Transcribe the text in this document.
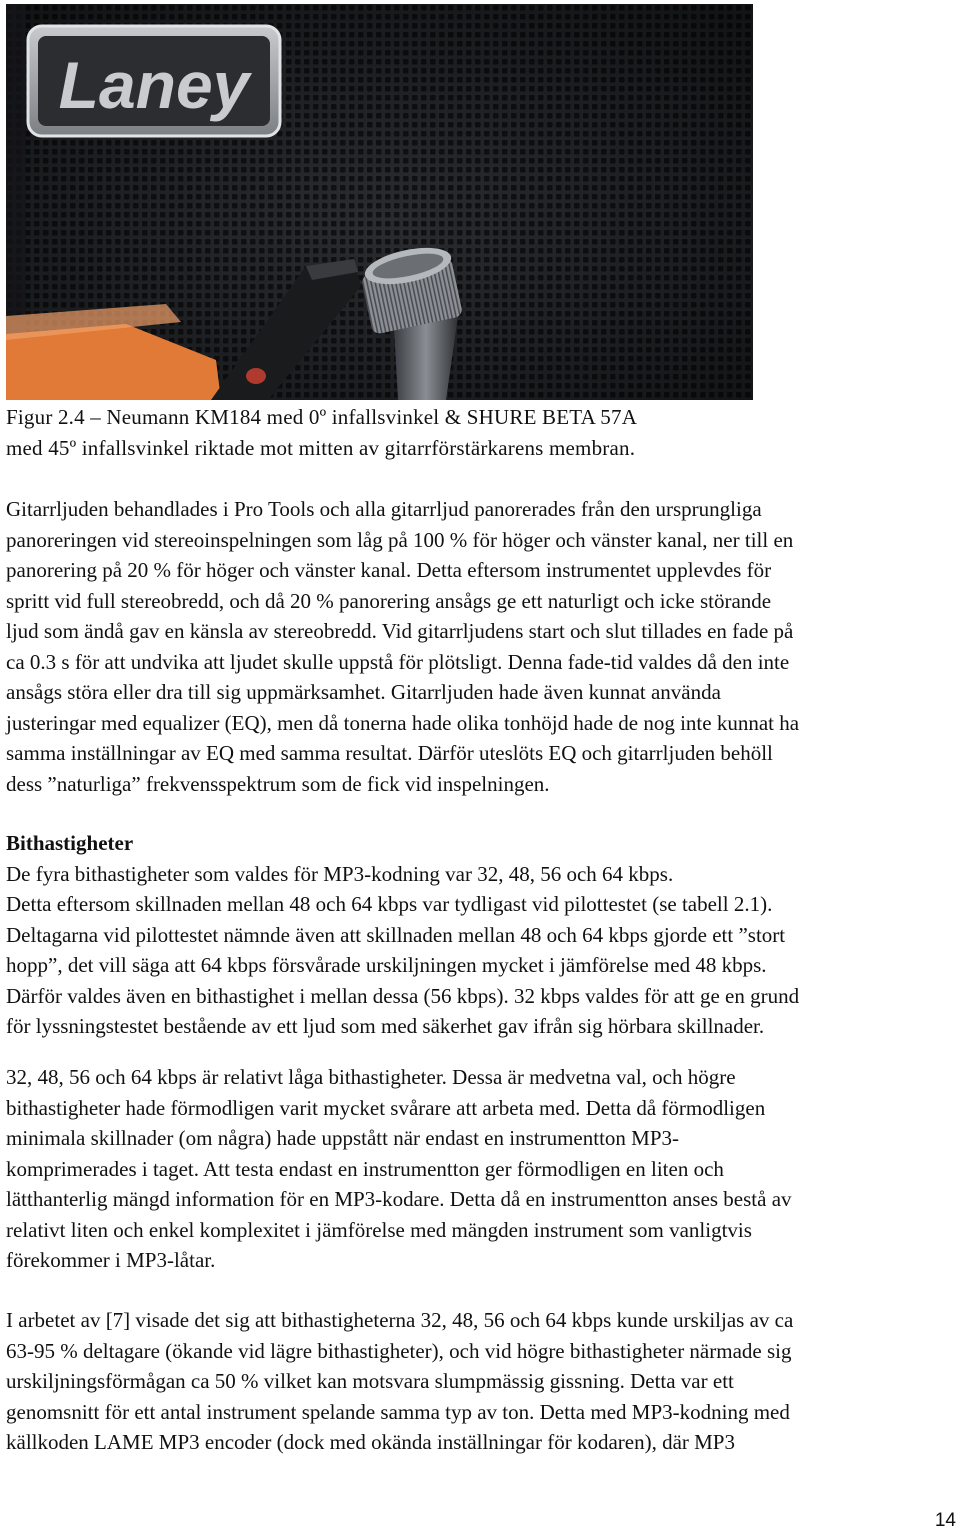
Laney
Figur 2.4 – Neumann KM184 med 0º infallsvinkel & SHURE BETA 57A
med 45º infallsvinkel riktade mot mitten av gitarrförstärkarens membran.
Gitarrljuden behandlades i Pro Tools och alla gitarrljud panorerades från den ursprungliga
panoreringen vid stereoinspelningen som låg på 100 % för höger och vänster kanal, ner till en
panorering på 20 % för höger och vänster kanal. Detta eftersom instrumentet upplevdes för
spritt vid full stereobredd, och då 20 % panorering ansågs ge ett naturligt och icke störande
ljud som ändå gav en känsla av stereobredd. Vid gitarrljudens start och slut tillades en fade på
ca 0.3 s för att undvika att ljudet skulle uppstå för plötsligt. Denna fade-tid valdes då den inte
ansågs störa eller dra till sig uppmärksamhet. Gitarrljuden hade även kunnat använda
justeringar med equalizer (EQ), men då tonerna hade olika tonhöjd hade de nog inte kunnat ha
samma inställningar av EQ med samma resultat. Därför uteslöts EQ och gitarrljuden behöll
dess ”naturliga” frekvensspektrum som de fick vid inspelningen.
Bithastigheter
De fyra bithastigheter som valdes för MP3-kodning var 32, 48, 56 och 64 kbps.
Detta eftersom skillnaden mellan 48 och 64 kbps var tydligast vid pilottestet (se tabell 2.1).
Deltagarna vid pilottestet nämnde även att skillnaden mellan 48 och 64 kbps gjorde ett ”stort
hopp”, det vill säga att 64 kbps försvårade urskiljningen mycket i jämförelse med 48 kbps.
Därför valdes även en bithastighet i mellan dessa (56 kbps). 32 kbps valdes för att ge en grund
för lyssningstestet bestående av ett ljud som med säkerhet gav ifrån sig hörbara skillnader.
32, 48, 56 och 64 kbps är relativt låga bithastigheter. Dessa är medvetna val, och högre
bithastigheter hade förmodligen varit mycket svårare att arbeta med. Detta då förmodligen
minimala skillnader (om några) hade uppstått när endast en instrumentton MP3-
komprimerades i taget. Att testa endast en instrumentton ger förmodligen en liten och
lätthanterlig mängd information för en MP3-kodare. Detta då en instrumentton anses bestå av
relativt liten och enkel komplexitet i jämförelse med mängden instrument som vanligtvis
förekommer i MP3-låtar.
I arbetet av [7] visade det sig att bithastigheterna 32, 48, 56 och 64 kbps kunde urskiljas av ca
63-95 % deltagare (ökande vid lägre bithastigheter), och vid högre bithastigheter närmade sig
urskiljningsförmågan ca 50 % vilket kan motsvara slumpmässig gissning. Detta var ett
genomsnitt för ett antal instrument spelande samma typ av ton. Detta med MP3-kodning med
källkoden LAME MP3 encoder (dock med okända inställningar för kodaren), där MP3
14
